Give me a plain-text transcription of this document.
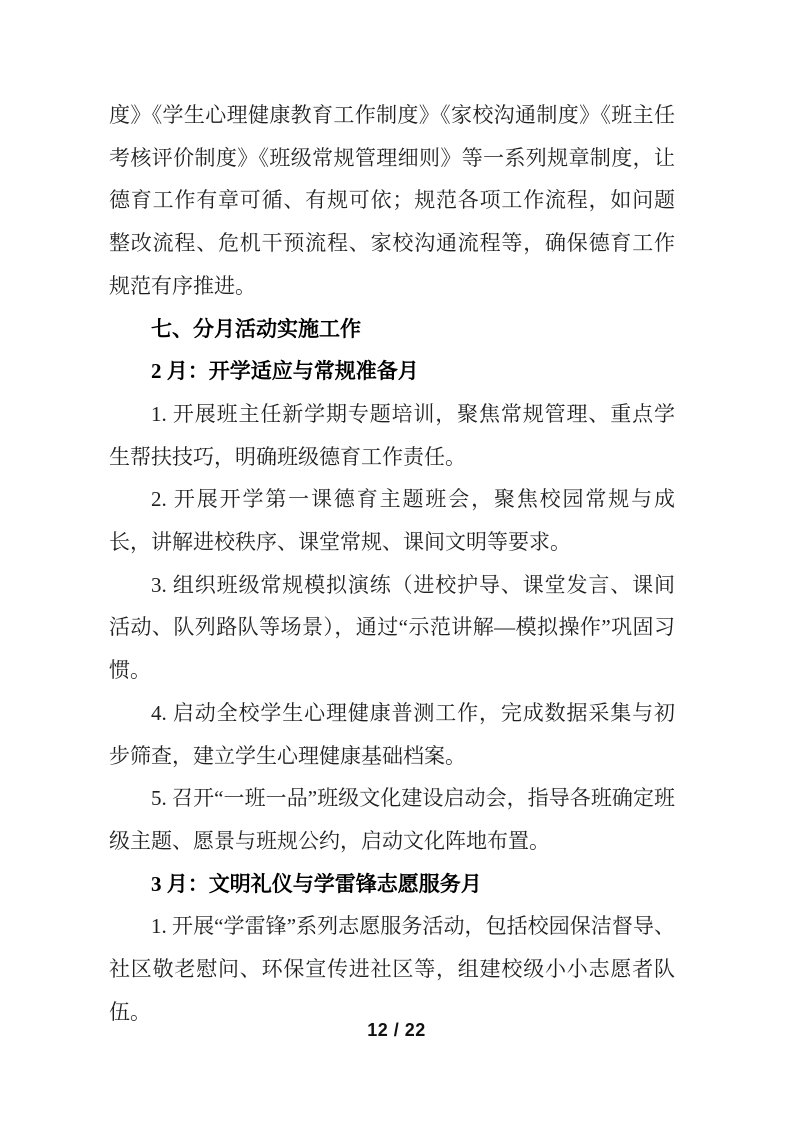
度》《学生心理健康教育工作制度》《家校沟通制度》《班主任考核评价制度》《班级常规管理细则》等一系列规章制度，让德育工作有章可循、有规可依；规范各项工作流程，如问题整改流程、危机干预流程、家校沟通流程等，确保德育工作规范有序推进。

七、分月活动实施工作

2 月：开学适应与常规准备月

1. 开展班主任新学期专题培训，聚焦常规管理、重点学生帮扶技巧，明确班级德育工作责任。

2. 开展开学第一课德育主题班会，聚焦校园常规与成长，讲解进校秩序、课堂常规、课间文明等要求。

3. 组织班级常规模拟演练（进校护导、课堂发言、课间活动、队列路队等场景），通过“示范讲解—模拟操作”巩固习惯。

4. 启动全校学生心理健康普测工作，完成数据采集与初步筛查，建立学生心理健康基础档案。

5. 召开“一班一品”班级文化建设启动会，指导各班确定班级主题、愿景与班规公约，启动文化阵地布置。

3 月：文明礼仪与学雷锋志愿服务月

1. 开展“学雷锋”系列志愿服务活动，包括校园保洁督导、社区敬老慰问、环保宣传进社区等，组建校级小小志愿者队伍。

12 / 22
